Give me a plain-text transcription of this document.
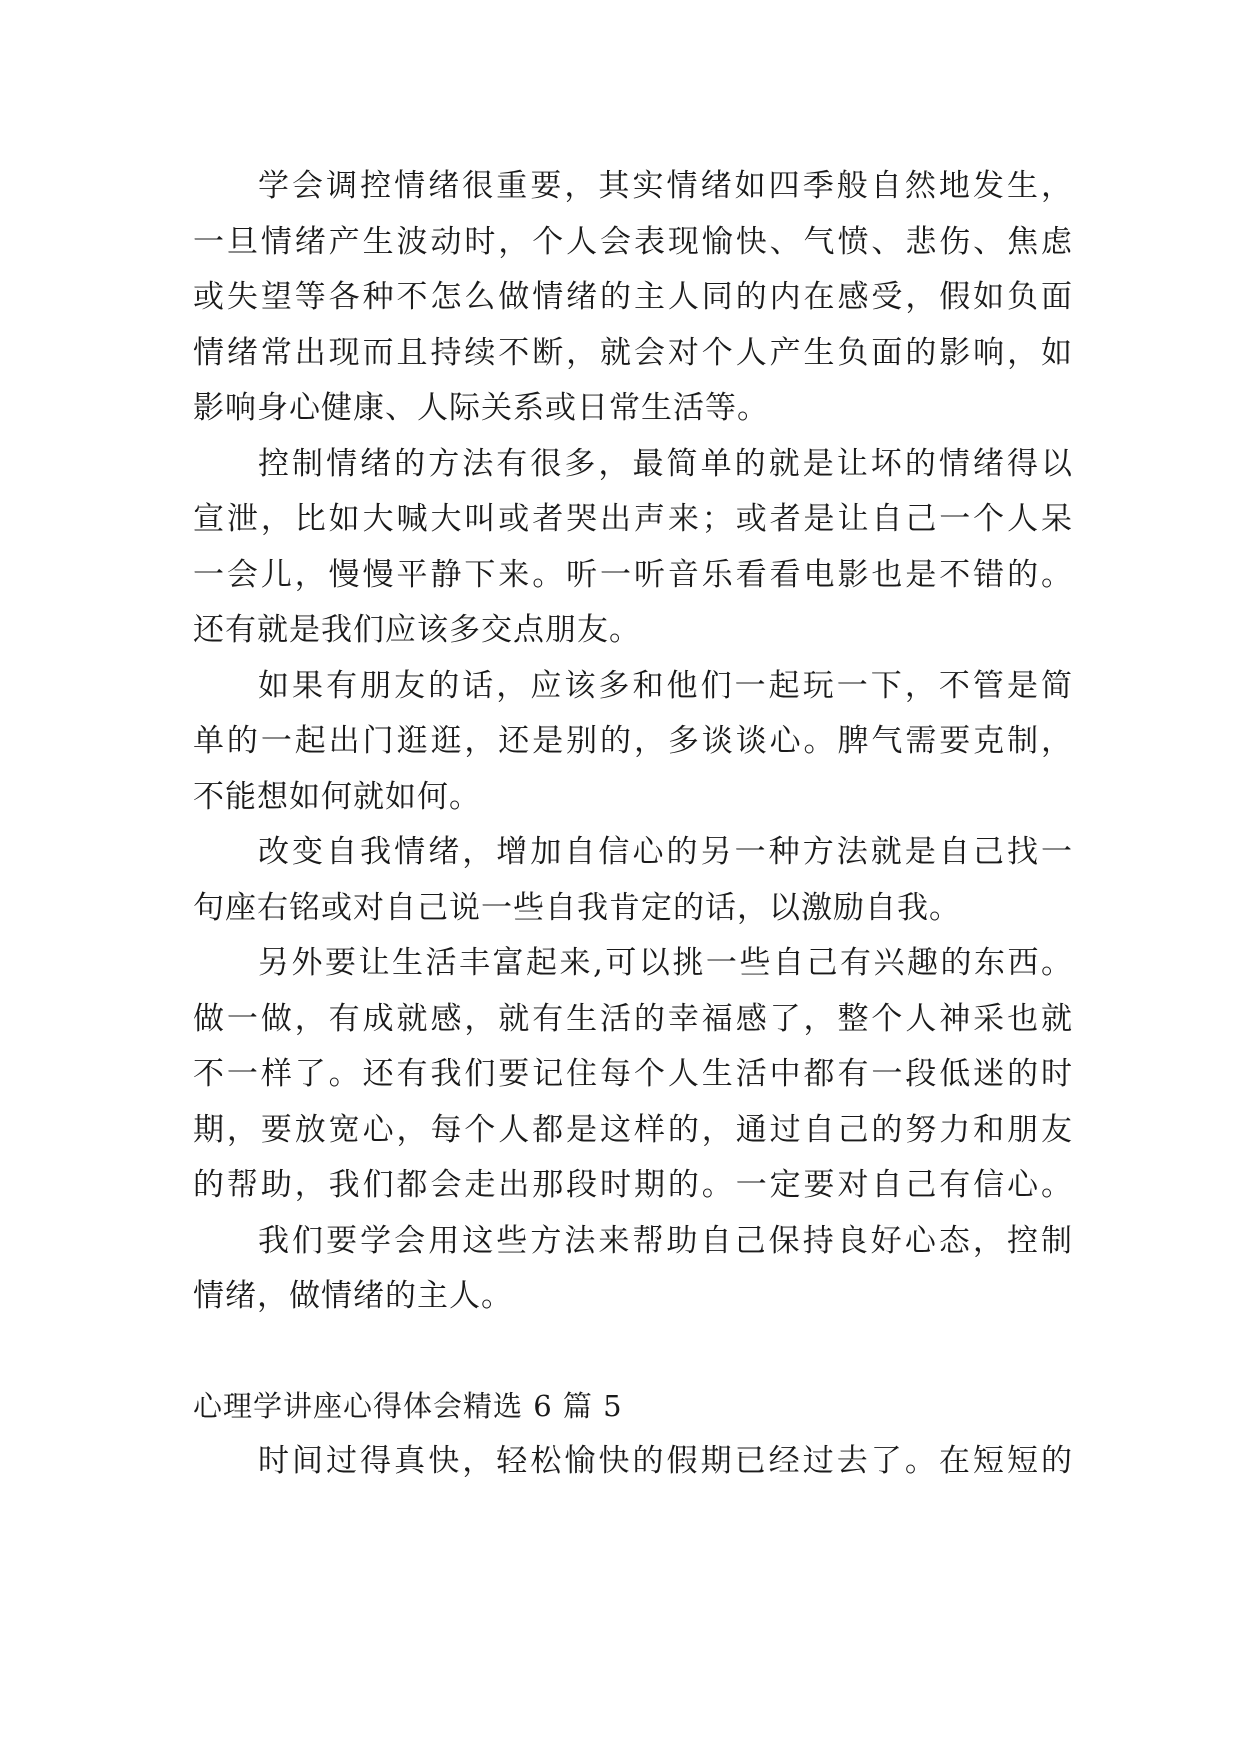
学会调控情绪很重要，其实情绪如四季般自然地发生，
一旦情绪产生波动时，个人会表现愉快、气愤、悲伤、焦虑
或失望等各种不怎么做情绪的主人同的内在感受，假如负面
情绪常出现而且持续不断，就会对个人产生负面的影响，如
影响身心健康、人际关系或日常生活等。
控制情绪的方法有很多，最简单的就是让坏的情绪得以
宣泄，比如大喊大叫或者哭出声来；或者是让自己一个人呆
一会儿，慢慢平静下来。听一听音乐看看电影也是不错的。
还有就是我们应该多交点朋友。
如果有朋友的话，应该多和他们一起玩一下，不管是简
单的一起出门逛逛，还是别的，多谈谈心。脾气需要克制，
不能想如何就如何。
改变自我情绪，增加自信心的另一种方法就是自己找一
句座右铭或对自己说一些自我肯定的话，以激励自我。
另外要让生活丰富起来,可以挑一些自己有兴趣的东西。
做一做，有成就感，就有生活的幸福感了，整个人神采也就
不一样了。还有我们要记住每个人生活中都有一段低迷的时
期，要放宽心，每个人都是这样的，通过自己的努力和朋友
的帮助，我们都会走出那段时期的。一定要对自己有信心。
我们要学会用这些方法来帮助自己保持良好心态，控制
情绪，做情绪的主人。
心理学讲座心得体会精选 6 篇 5
时间过得真快，轻松愉快的假期已经过去了。在短短的
